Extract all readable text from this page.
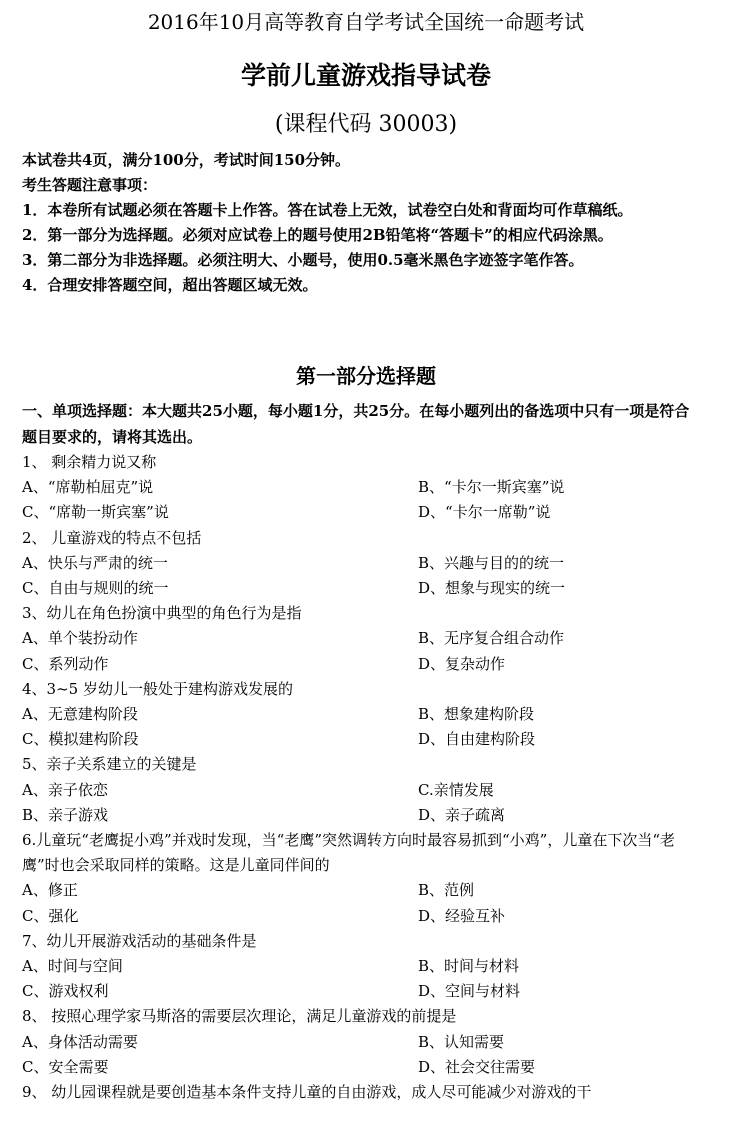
2016年10月高等教育自学考试全国统一命题考试
学前儿童游戏指导试卷
(课程代码 30003)
本试卷共4页，满分100分，考试时间150分钟。
考生答题注意事项：
1．本卷所有试题必须在答题卡上作答。答在试卷上无效，试卷空白处和背面均可作草稿纸。
2．第一部分为选择题。必须对应试卷上的题号使用2B铅笔将“答题卡”的相应代码涂黑。
3．第二部分为非选择题。必须注明大、小题号，使用0.5毫米黑色字迹签字笔作答。
4．合理安排答题空间，超出答题区域无效。
第一部分选择题
一、单项选择题：本大题共25小题，每小题1分，共25分。在每小题列出的备选项中只有一项是符合题目要求的，请将其选出。
1、 剩余精力说又称
A、“席勒柏屈克”说	B、“卡尔一斯宾塞”说
C、“席勒一斯宾塞”说	D、“卡尔一席勒”说
2、 儿童游戏的特点不包括
A、快乐与严肃的统一	B、兴趣与目的的统一
C、自由与规则的统一	D、想象与现实的统一
3、幼儿在角色扮演中典型的角色行为是指
A、单个装扮动作	B、无序复合组合动作
C、系列动作	D、复杂动作
4、3~5 岁幼儿一般处于建构游戏发展的
A、无意建构阶段	B、想象建构阶段
C、模拟建构阶段	D、自由建构阶段
5、亲子关系建立的关键是
A、亲子依恋	C.亲情发展
B、亲子游戏	D、亲子疏离
6.儿童玩“老鹰捉小鸡”并戏时发现，当“老鹰”突然调转方向时最容易抓到“小鸡”，儿童在下次当“老鹰”时也会采取同样的策略。这是儿童同伴间的
A、修正	B、范例
C、强化	D、经验互补
7、幼儿开展游戏活动的基础条件是
A、时间与空间	B、时间与材料
C、游戏权利	D、空间与材料
8、 按照心理学家马斯洛的需要层次理论，满足儿童游戏的前提是
A、身体活动需要	B、认知需要
C、安全需要	D、社会交往需要
9、 幼儿园课程就是要创造基本条件支持儿童的自由游戏，成人尽可能减少对游戏的干
